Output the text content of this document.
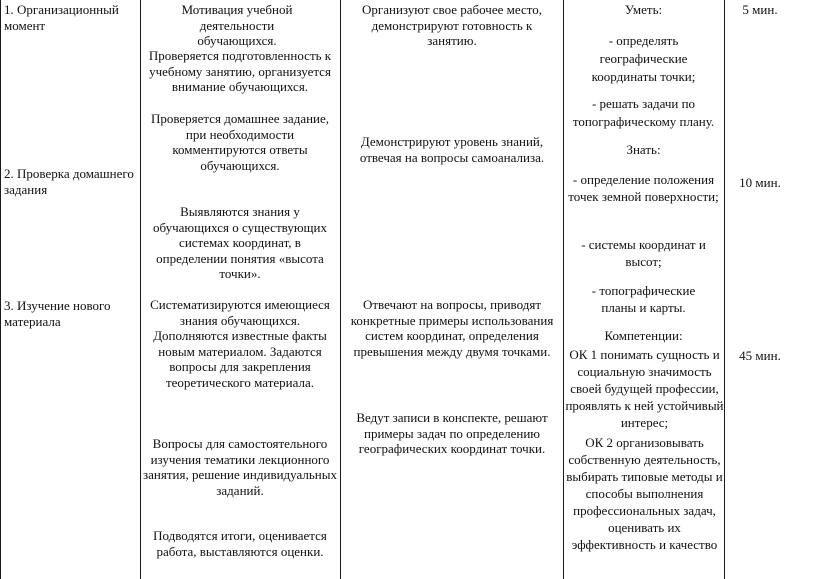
1. Организационный момент

2. Проверка домашнего задания

3. Изучение нового материала

Мотивация учебной деятельности обучающихся.

Проверяется подготовленность к учебному занятию, организуется внимание обучающихся.

Проверяется домашнее задание, при необходимости комментируются ответы обучающихся.

Выявляются знания у обучающихся о существующих системах координат, в определении понятия «высота точки».

Систематизируются имеющиеся знания обучающихся. Дополняются известные факты новым материалом. Задаются вопросы для закрепления теоретического материала.

Вопросы для самостоятельного изучения тематики лекционного занятия, решение индивидуальных заданий.

Подводятся итоги, оценивается работа, выставляются оценки.

Организуют свое рабочее место, демонстрируют готовность к занятию.

Демонстрируют уровень знаний, отвечая на вопросы самоанализа.

Отвечают на вопросы, приводят конкретные примеры использования систем координат, определения превышения между двумя точками.

Ведут записи в конспекте, решают примеры задач по определению географических координат точки.

Уметь:

- определять географические координаты точки;

- решать задачи по топографическому плану.

Знать:

- определение положения точек земной поверхности;

- системы координат и высот;

- топографические планы и карты.

Компетенции:

ОК 1 понимать сущность и социальную значимость своей будущей профессии, проявлять к ней устойчивый интерес;

ОК 2 организовывать собственную деятельность, выбирать типовые методы и способы выполнения профессиональных задач, оценивать их эффективность и качество

5 мин.

10 мин.

45 мин.
